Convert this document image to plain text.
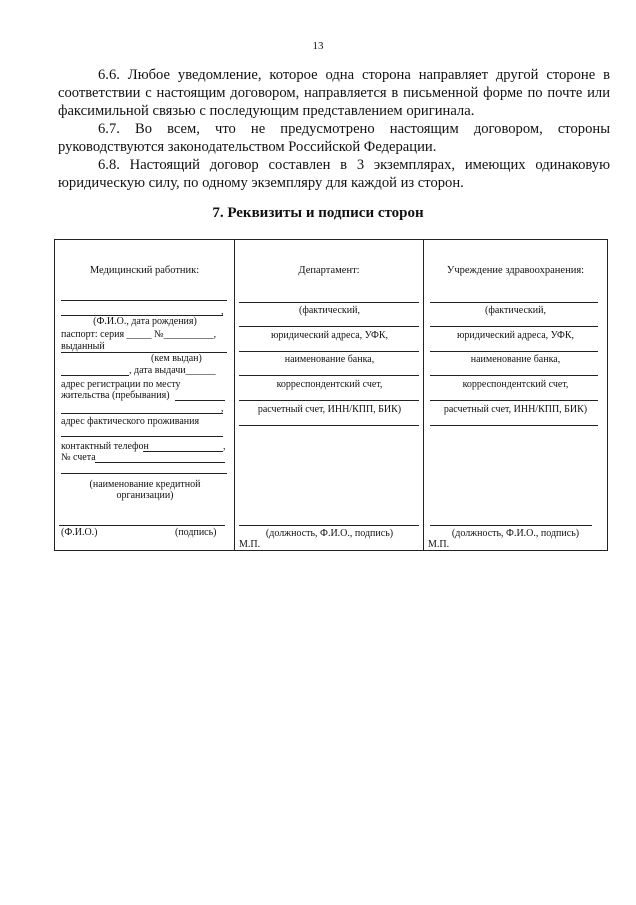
13

6.6. Любое уведомление, которое одна сторона направляет другой стороне в соответствии с настоящим договором, направляется в письменной форме по почте или факсимильной связью с последующим представлением оригинала.

6.7. Во всем, что не предусмотрено настоящим договором, стороны руководствуются законодательством Российской Федерации.

6.8. Настоящий договор составлен в 3 экземплярах, имеющих одинаковую юридическую силу, по одному экземпляру для каждой из сторон.

7. Реквизиты и подписи сторон
Медицинский работник:
,
(Ф.И.О., дата рождения)
паспорт: серия _____ №__________,
выданный
(кем выдан)
, дата выдачи______
адрес регистрации по месту
жительства (пребывания)
,
адрес фактического проживания
контактный телефон	,
№ счета
(наименование кредитной
организации)
(Ф.И.О.)	(подпись)
Департамент:
(фактический,
юридический адреса, УФК,
наименование банка,
корреспондентский счет,
расчетный счет, ИНН/КПП, БИК)
(должность, Ф.И.О., подпись)
М.П.
Учреждение здравоохранения:
(фактический,
юридический адреса, УФК,
наименование банка,
корреспондентский счет,
расчетный счет, ИНН/КПП, БИК)
(должность, Ф.И.О., подпись)
М.П.
